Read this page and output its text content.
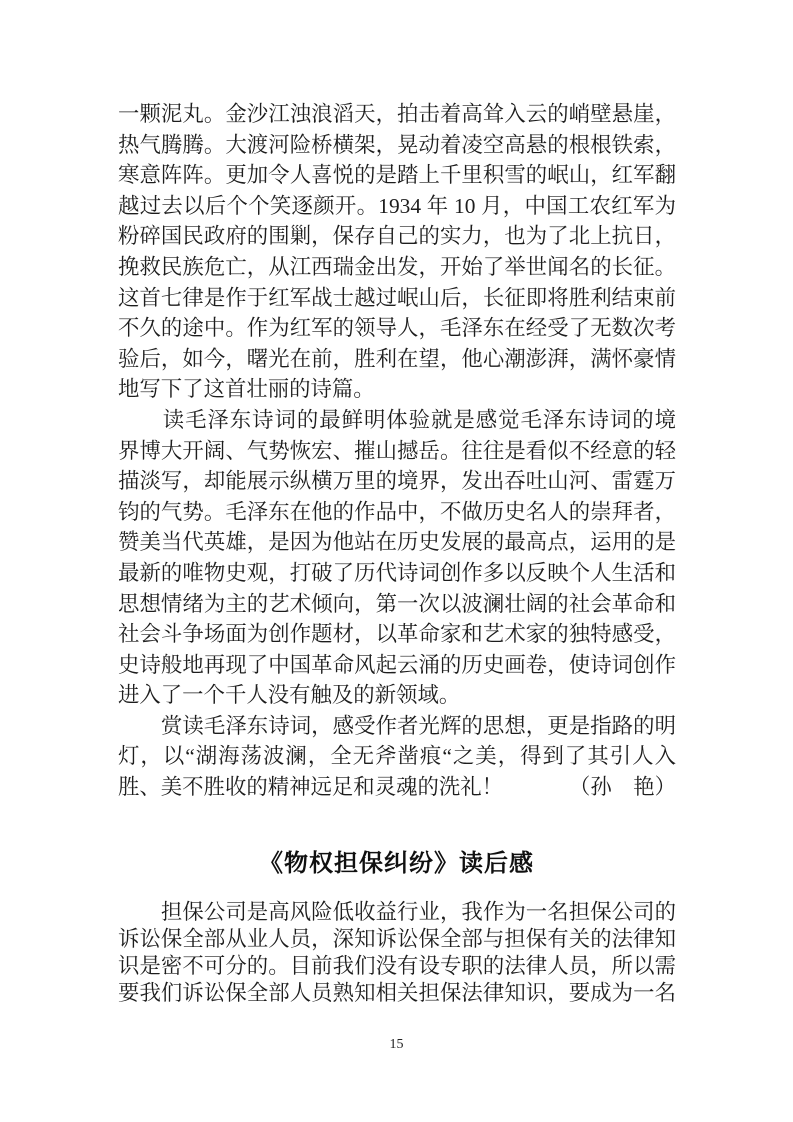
一颗泥丸。金沙江浊浪滔天，拍击着高耸入云的峭壁悬崖，
热气腾腾。大渡河险桥横架，晃动着凌空高悬的根根铁索，
寒意阵阵。更加令人喜悦的是踏上千里积雪的岷山，红军翻
越过去以后个个笑逐颜开。1934 年 10 月，中国工农红军为
粉碎国民政府的围剿，保存自己的实力，也为了北上抗日，
挽救民族危亡，从江西瑞金出发，开始了举世闻名的长征。
这首七律是作于红军战士越过岷山后，长征即将胜利结束前
不久的途中。作为红军的领导人，毛泽东在经受了无数次考
验后，如今，曙光在前，胜利在望，他心潮澎湃，满怀豪情
地写下了这首壮丽的诗篇。
　　读毛泽东诗词的最鲜明体验就是感觉毛泽东诗词的境
界博大开阔、气势恢宏、摧山撼岳。往往是看似不经意的轻
描淡写，却能展示纵横万里的境界，发出吞吐山河、雷霆万
钧的气势。毛泽东在他的作品中，不做历史名人的崇拜者，
赞美当代英雄，是因为他站在历史发展的最高点，运用的是
最新的唯物史观，打破了历代诗词创作多以反映个人生活和
思想情绪为主的艺术倾向，第一次以波澜壮阔的社会革命和
社会斗争场面为创作题材，以革命家和艺术家的独特感受，
史诗般地再现了中国革命风起云涌的历史画卷，使诗词创作
进入了一个千人没有触及的新领域。
　　赏读毛泽东诗词，感受作者光辉的思想，更是指路的明
灯，以“湖海荡波澜，全无斧凿痕“之美，得到了其引人入
胜、美不胜收的精神远足和灵魂的洗礼！	（孙　艳）
《物权担保纠纷》读后感
　　担保公司是高风险低收益行业，我作为一名担保公司的
诉讼保全部从业人员，深知诉讼保全部与担保有关的法律知
识是密不可分的。目前我们没有设专职的法律人员，所以需
要我们诉讼保全部人员熟知相关担保法律知识，要成为一名
15
